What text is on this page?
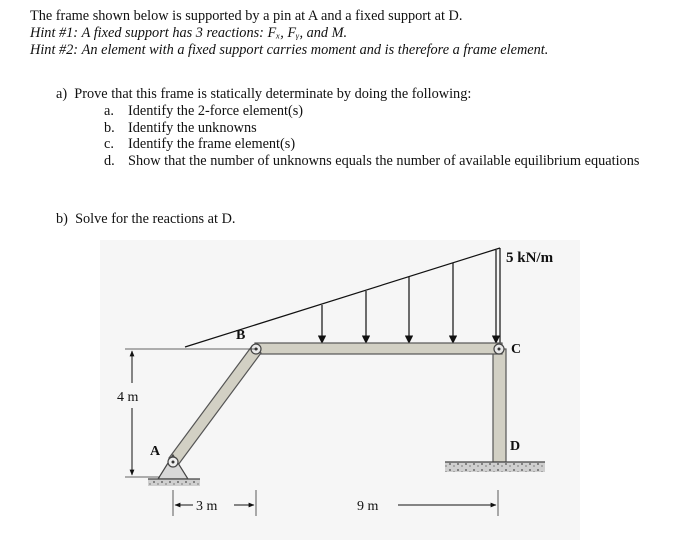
The frame shown below is supported by a pin at A and a fixed support at D.
Hint #1: A fixed support has 3 reactions: Fₓ, Fᵧ, and M.
Hint #2: An element with a fixed support carries moment and is therefore a frame element.
a) Prove that this frame is statically determinate by doing the following:
a. Identify the 2-force element(s)
b. Identify the unknowns
c. Identify the frame element(s)
d. Show that the number of unknowns equals the number of available equilibrium equations
b) Solve for the reactions at D.
5 kN/m
B
C
D
A
4 m
3 m	9 m
